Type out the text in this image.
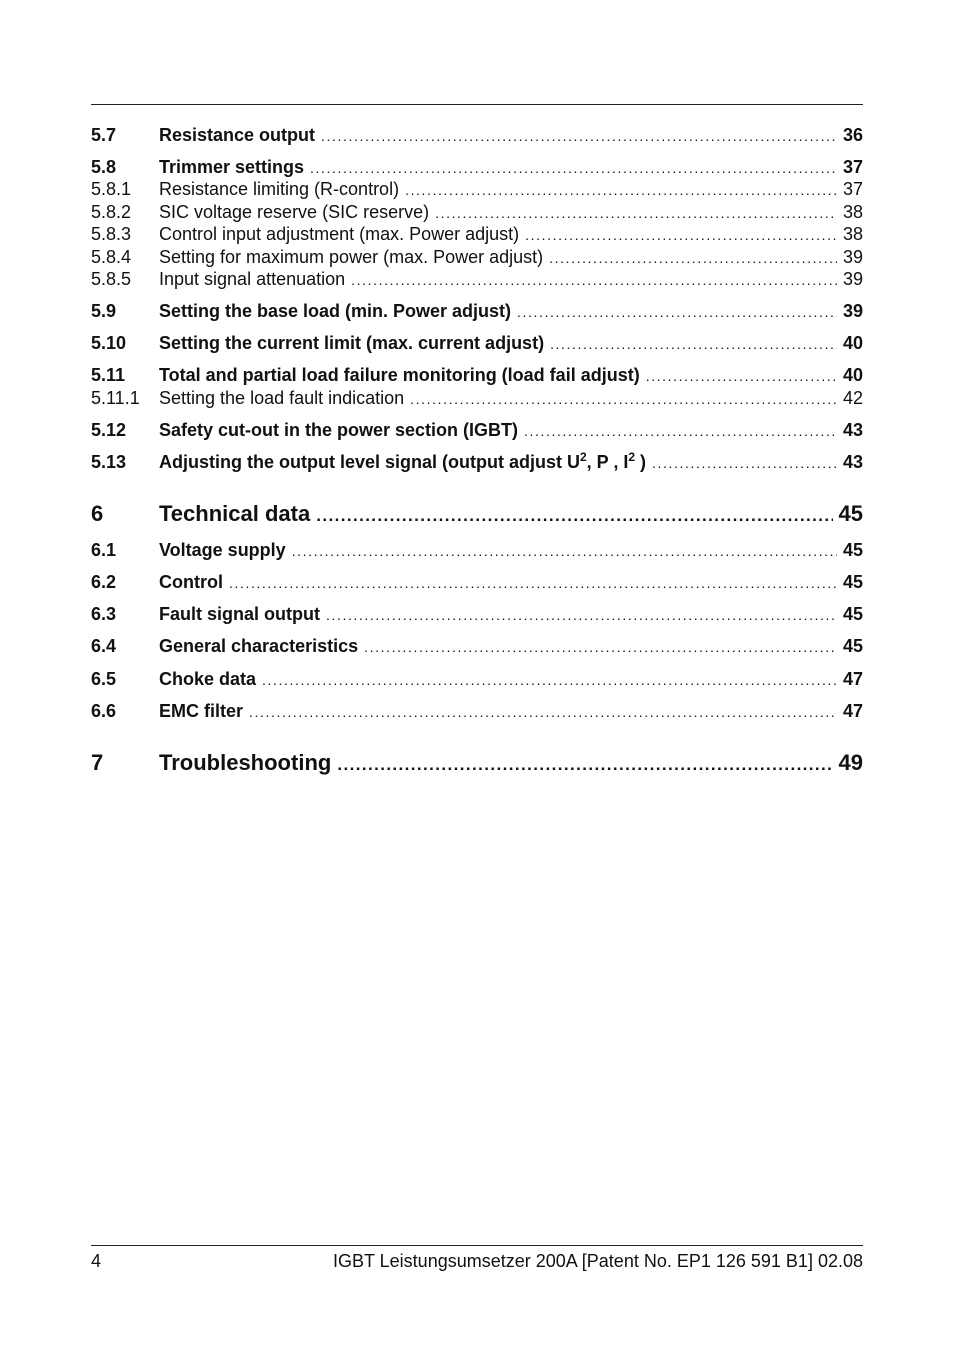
5.7	Resistance output .....	36
5.8	Trimmer settings .....	37
5.8.1	Resistance limiting (R-control) .....	37
5.8.2	SIC voltage reserve (SIC reserve) .....	38
5.8.3	Control input adjustment (max. Power adjust) .....	38
5.8.4	Setting for maximum power (max. Power adjust) .....	39
5.8.5	Input signal attenuation .....	39
5.9	Setting the base load (min. Power adjust) .....	39
5.10	Setting the current limit (max. current adjust) .....	40
5.11	Total and partial load failure monitoring (load fail adjust) .....	40
5.11.1	Setting the load fault indication .....	42
5.12	Safety cut-out in the power section (IGBT) .....	43
5.13	Adjusting the output level signal (output adjust $U^2$, P , $I^2$ ) .....	43
6	Technical data .....	45
6.1	Voltage supply .....	45
6.2	Control .....	45
6.3	Fault signal output .....	45
6.4	General characteristics .....	45
6.5	Choke data .....	47
6.6	EMC filter .....	47
7	Troubleshooting .....	49
4	IGBT Leistungsumsetzer 200A [Patent No. EP1 126 591 B1] 02.08
